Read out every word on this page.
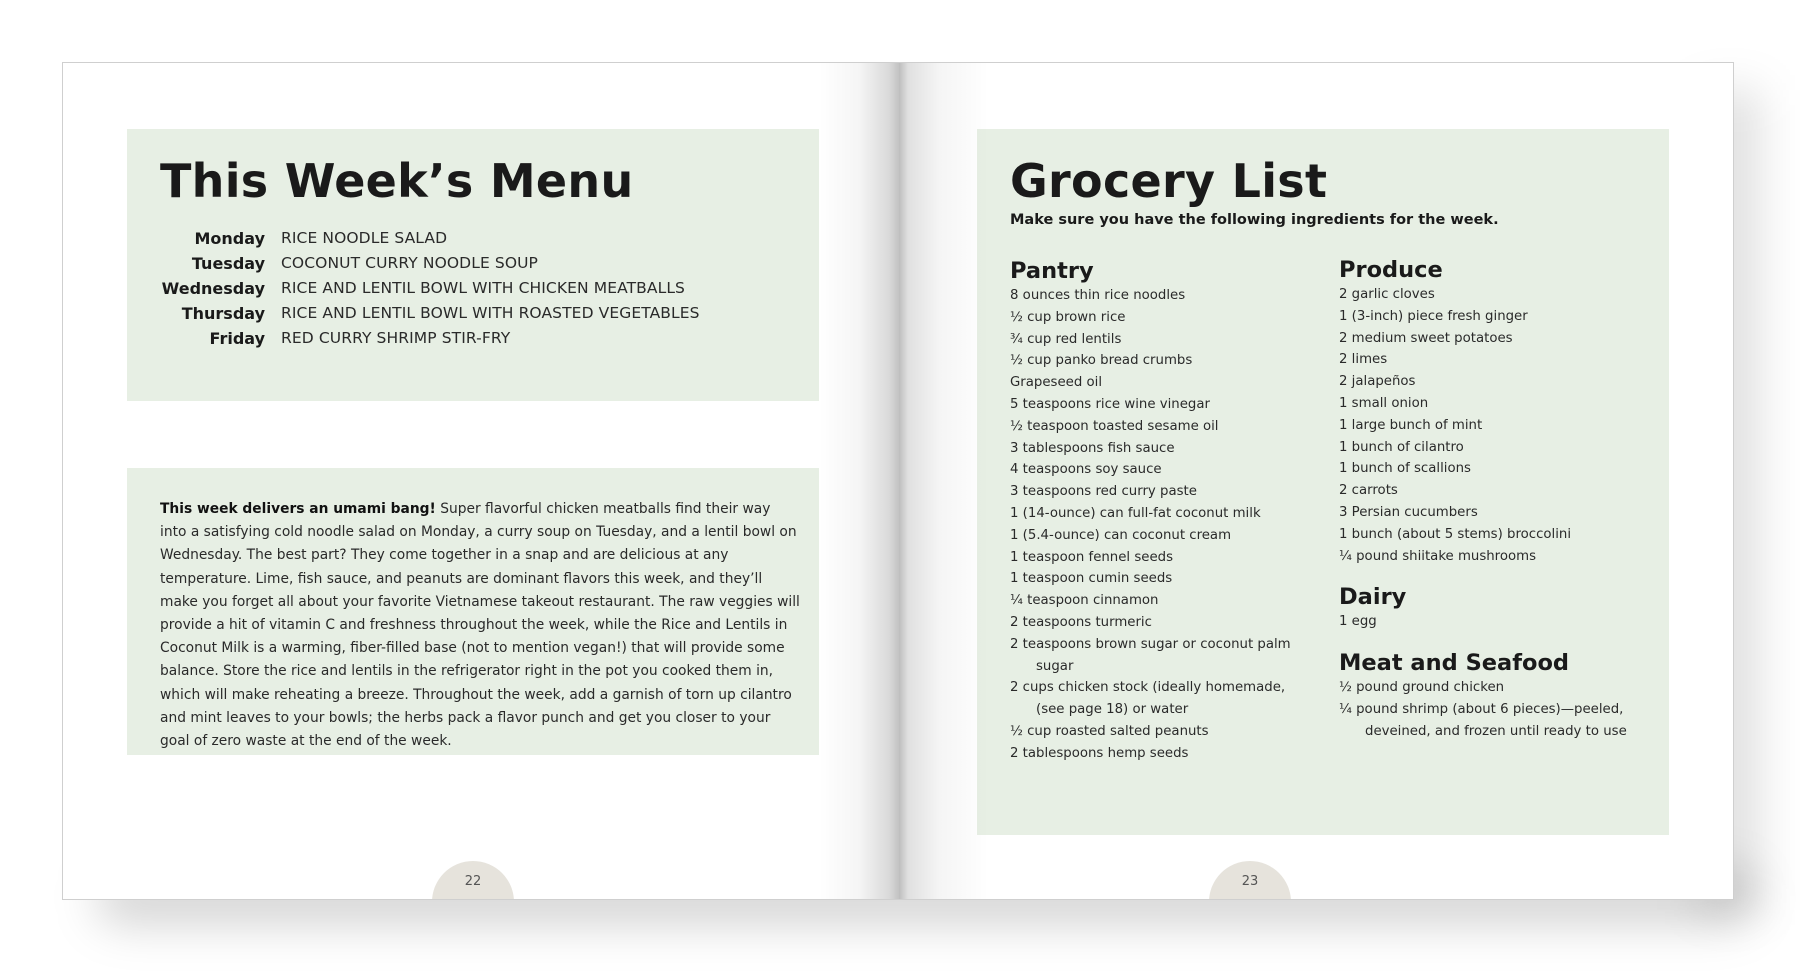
22
This Week’s Menu
Monday RICE NOODLE SALAD
Tuesday COCONUT CURRY NOODLE SOUP
Wednesday RICE AND LENTIL BOWL WITH CHICKEN MEATBALLS
Thursday RICE AND LENTIL BOWL WITH ROASTED VEGETABLES
Friday RED CURRY SHRIMP STIR-FRY

This week delivers an umami bang! Super flavorful chicken meatballs find their way into a satisfying cold noodle salad on Monday, a curry soup on Tuesday, and a lentil bowl on Wednesday. The best part? They come together in a snap and are delicious at any temperature. Lime, fish sauce, and peanuts are dominant flavors this week, and they’ll make you forget all about your favorite Vietnamese takeout restaurant. The raw veggies will provide a hit of vitamin C and freshness throughout the week, while the Rice and Lentils in Coconut Milk is a warming, fiber-filled base (not to mention vegan!) that will provide some balance. Store the rice and lentils in the refrigerator right in the pot you cooked them in, which will make reheating a breeze. Throughout the week, add a garnish of torn up cilantro and mint leaves to your bowls; the herbs pack a flavor punch and get you closer to your goal of zero waste at the end of the week.

23
Grocery List
Make sure you have the following ingredients for the week.
Pantry
8 ounces thin rice noodles
½ cup brown rice
¾ cup red lentils
½ cup panko bread crumbs
Grapeseed oil
5 teaspoons rice wine vinegar
½ teaspoon toasted sesame oil
3 tablespoons fish sauce
4 teaspoons soy sauce
3 teaspoons red curry paste
1 (14-ounce) can full-fat coconut milk
1 (5.4-ounce) can coconut cream
1 teaspoon fennel seeds
1 teaspoon cumin seeds
¼ teaspoon cinnamon
2 teaspoons turmeric
2 teaspoons brown sugar or coconut palm sugar
2 cups chicken stock (ideally homemade, (see page 18) or water
½ cup roasted salted peanuts
2 tablespoons hemp seeds
Produce
2 garlic cloves
1 (3-inch) piece fresh ginger
2 medium sweet potatoes
2 limes
2 jalapeños
1 small onion
1 large bunch of mint
1 bunch of cilantro
1 bunch of scallions
2 carrots
3 Persian cucumbers
1 bunch (about 5 stems) broccolini
¼ pound shiitake mushrooms
Dairy
1 egg
Meat and Seafood
½ pound ground chicken
¼ pound shrimp (about 6 pieces)—peeled, deveined, and frozen until ready to use
